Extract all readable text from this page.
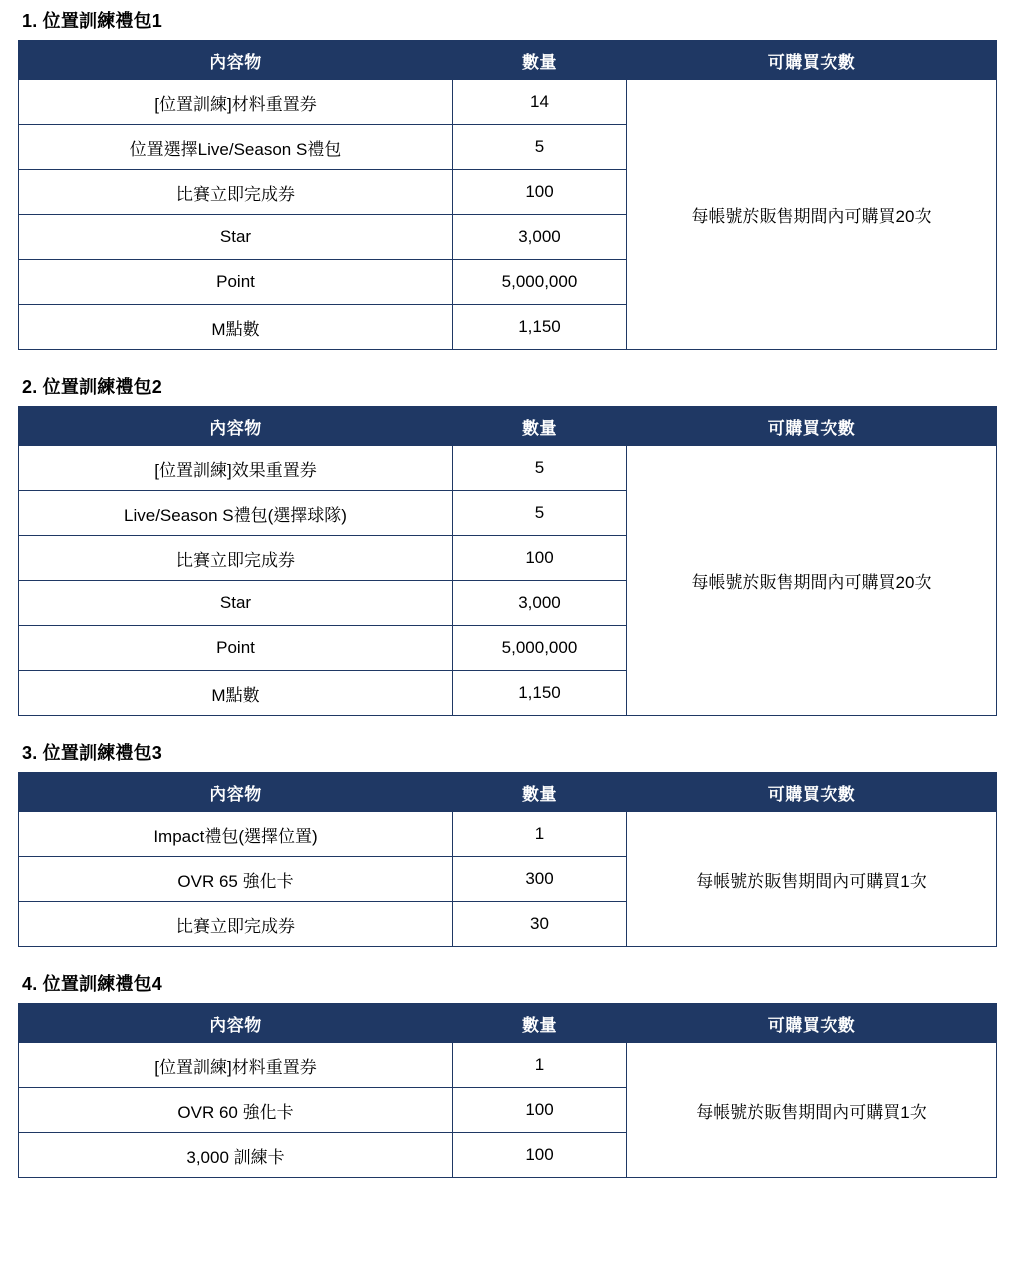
1. 位置訓練禮包1
內容物	數量	可購買次數
[位置訓練]材料重置券	14	每帳號於販售期間內可購買20次
位置選擇Live/Season S禮包	5	
比賽立即完成券	100	
Star	3,000	
Point	5,000,000	
M點數	1,150	
2. 位置訓練禮包2
內容物	數量	可購買次數
[位置訓練]效果重置券	5	每帳號於販售期間內可購買20次
Live/Season S禮包(選擇球隊)	5	
比賽立即完成券	100	
Star	3,000	
Point	5,000,000	
M點數	1,150	
3. 位置訓練禮包3
內容物	數量	可購買次數
Impact禮包(選擇位置)	1	每帳號於販售期間內可購買1次
OVR 65 強化卡	300	
比賽立即完成券	30	
4. 位置訓練禮包4
內容物	數量	可購買次數
[位置訓練]材料重置券	1	每帳號於販售期間內可購買1次
OVR 60 強化卡	100	
3,000 訓練卡	100	
